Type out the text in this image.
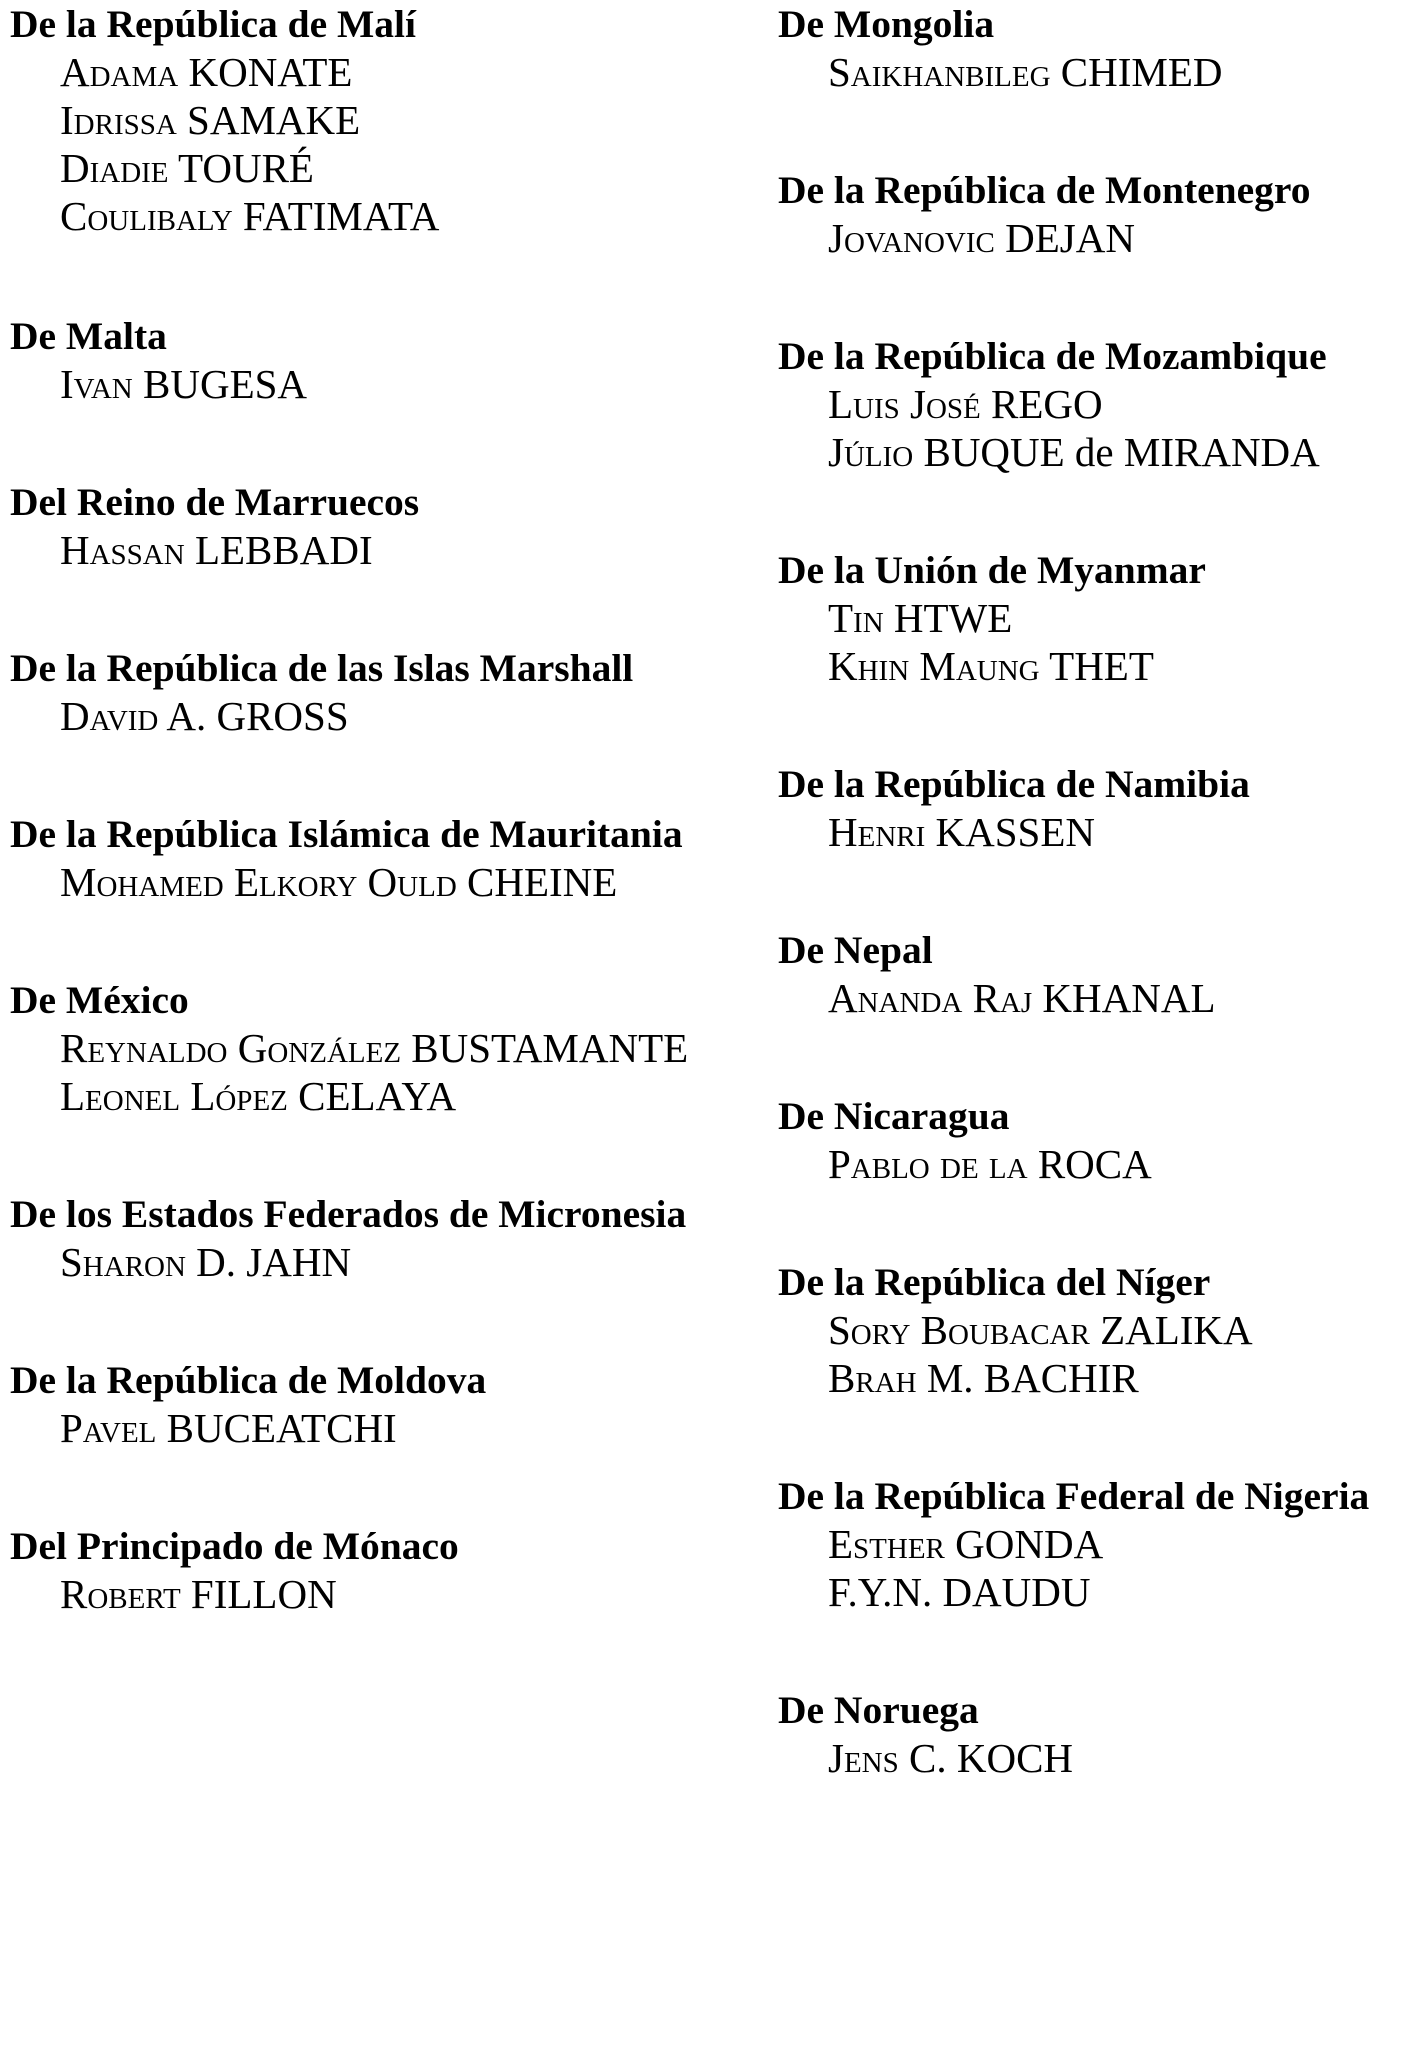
De la República de Malí
Adama KONATE
Idrissa SAMAKE
Diadie TOURÉ
Coulibaly FATIMATA
De Malta
Ivan BUGESA
Del Reino de Marruecos
Hassan LEBBADI
De la República de las Islas Marshall
David A. GROSS
De la República Islámica de Mauritania
Mohamed Elkory Ould CHEINE
De México
Reynaldo González BUSTAMANTE
Leonel López CELAYA
De los Estados Federados de Micronesia
Sharon D. JAHN
De la República de Moldova
Pavel BUCEATCHI
Del Principado de Mónaco
Robert FILLON
De Mongolia
Saikhanbileg CHIMED
De la República de Montenegro
Jovanovic DEJAN
De la República de Mozambique
Luis José REGO
Júlio BUQUE de MIRANDA
De la Unión de Myanmar
Tin HTWE
Khin Maung THET
De la República de Namibia
Henri KASSEN
De Nepal
Ananda Raj KHANAL
De Nicaragua
Pablo de la ROCA
De la República del Níger
Sory Boubacar ZALIKA
Brah M. BACHIR
De la República Federal de Nigeria
Esther GONDA
F.Y.N. DAUDU
De Noruega
Jens C. KOCH
